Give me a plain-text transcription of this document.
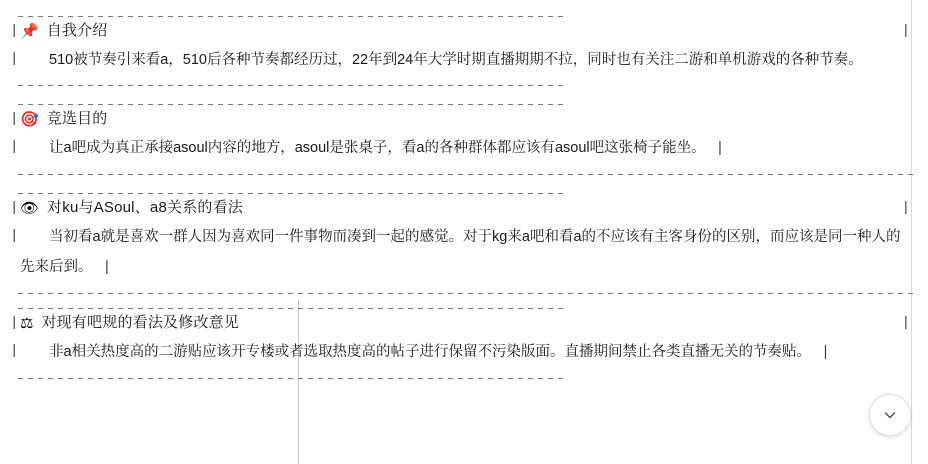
| 📌 自我介绍	|
|	510被节奏引来看a，510后各种节奏都经历过，22年到24年大学时期直播期期不拉，同时也有关注二游和单机游戏的各种节奏。
| 🎯 竞选目的
|	让a吧成为真正承接asoul内容的地方，asoul是张桌子，看a的各种群体都应该有asoul吧这张椅子能坐。 |
| 👁 对ku与ASoul、a8关系的看法	|
|	当初看a就是喜欢一群人因为喜欢同一件事物而凑到一起的感觉。对于kg来a吧和看a的不应该有主客身份的区别，而应该是同一种人的先来后到。 |
| ⚖ 对现有吧规的看法及修改意见	|
|	非a相关热度高的二游贴应该开专楼或者选取热度高的帖子进行保留不污染版面。直播期间禁止各类直播无关的节奏贴。 |
